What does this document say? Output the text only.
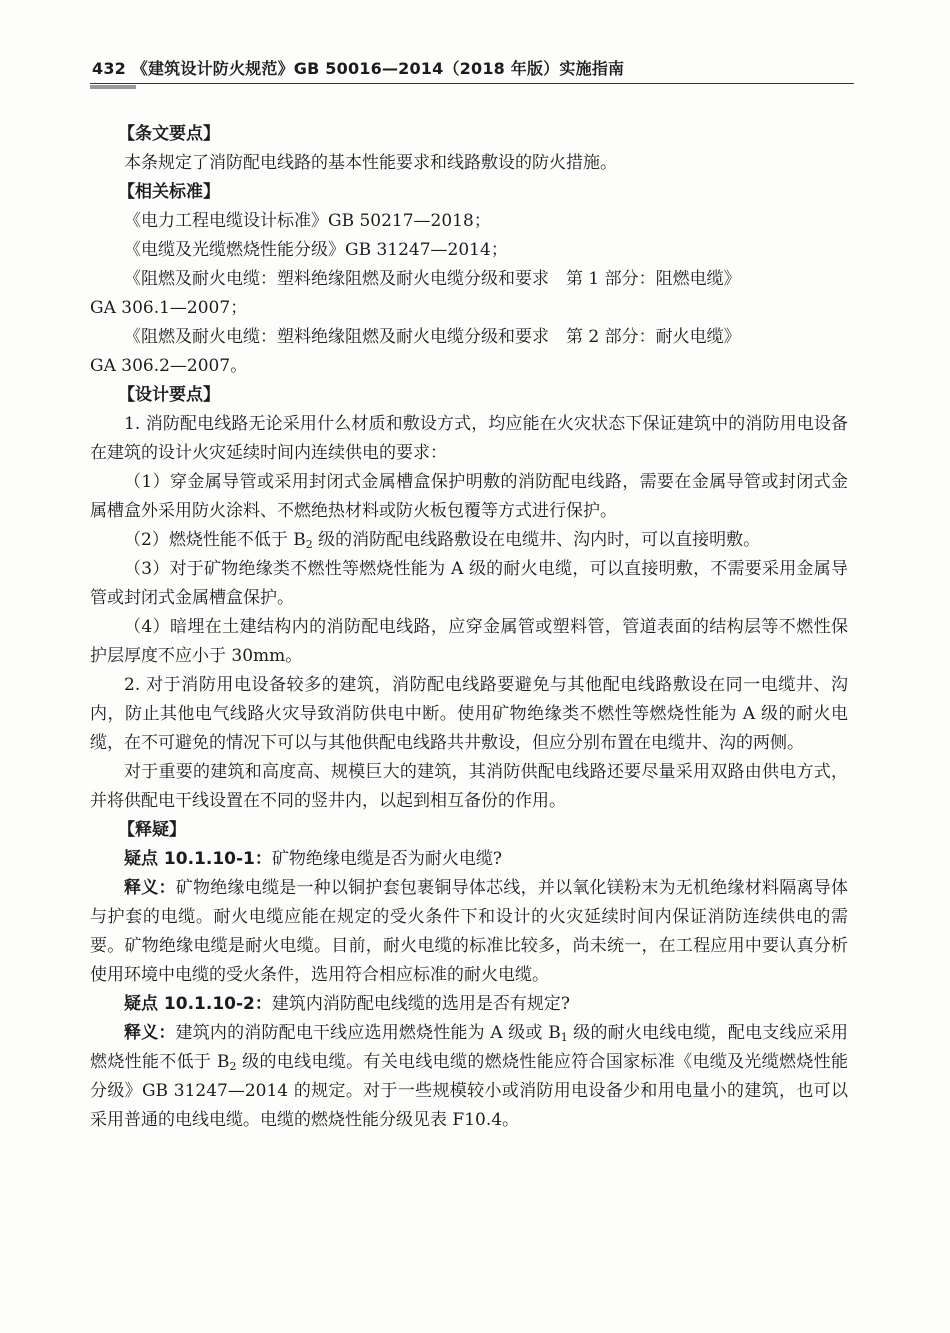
432 《建筑设计防火规范》GB 50016—2014（2018 年版）实施指南

【条文要点】

本条规定了消防配电线路的基本性能要求和线路敷设的防火措施。

【相关标准】

《电力工程电缆设计标准》GB 50217—2018；

《电缆及光缆燃烧性能分级》GB 31247—2014；

《阻燃及耐火电缆：塑料绝缘阻燃及耐火电缆分级和要求　第 1 部分：阻燃电缆》

GA 306.1—2007；

《阻燃及耐火电缆：塑料绝缘阻燃及耐火电缆分级和要求　第 2 部分：耐火电缆》

GA 306.2—2007。

【设计要点】

1. 消防配电线路无论采用什么材质和敷设方式，均应能在火灾状态下保证建筑中的消防用电设备在建筑的设计火灾延续时间内连续供电的要求：

（1）穿金属导管或采用封闭式金属槽盒保护明敷的消防配电线路，需要在金属导管或封闭式金属槽盒外采用防火涂料、不燃绝热材料或防火板包覆等方式进行保护。

（2）燃烧性能不低于 $B_2$ 级的消防配电线路敷设在电缆井、沟内时，可以直接明敷。

（3）对于矿物绝缘类不燃性等燃烧性能为 A 级的耐火电缆，可以直接明敷，不需要采用金属导管或封闭式金属槽盒保护。

（4）暗埋在土建结构内的消防配电线路，应穿金属管或塑料管，管道表面的结构层等不燃性保护层厚度不应小于 30mm。

2. 对于消防用电设备较多的建筑，消防配电线路要避免与其他配电线路敷设在同一电缆井、沟内，防止其他电气线路火灾导致消防供电中断。使用矿物绝缘类不燃性等燃烧性能为 A 级的耐火电缆，在不可避免的情况下可以与其他供配电线路共井敷设，但应分别布置在电缆井、沟的两侧。

对于重要的建筑和高度高、规模巨大的建筑，其消防供配电线路还要尽量采用双路由供电方式，并将供配电干线设置在不同的竖井内，以起到相互备份的作用。

【释疑】

疑点 10.1.10-1：矿物绝缘电缆是否为耐火电缆?

释义：矿物绝缘电缆是一种以铜护套包裹铜导体芯线，并以氧化镁粉末为无机绝缘材料隔离导体与护套的电缆。耐火电缆应能在规定的受火条件下和设计的火灾延续时间内保证消防连续供电的需要。矿物绝缘电缆是耐火电缆。目前，耐火电缆的标准比较多，尚未统一，在工程应用中要认真分析使用环境中电缆的受火条件，选用符合相应标准的耐火电缆。

疑点 10.1.10-2：建筑内消防配电线缆的选用是否有规定?

释义：建筑内的消防配电干线应选用燃烧性能为 A 级或 $B_1$ 级的耐火电线电缆，配电支线应采用燃烧性能不低于 $B_2$ 级的电线电缆。有关电线电缆的燃烧性能应符合国家标准《电缆及光缆燃烧性能分级》GB 31247—2014 的规定。对于一些规模较小或消防用电设备少和用电量小的建筑，也可以采用普通的电线电缆。电缆的燃烧性能分级见表 F10.4。
